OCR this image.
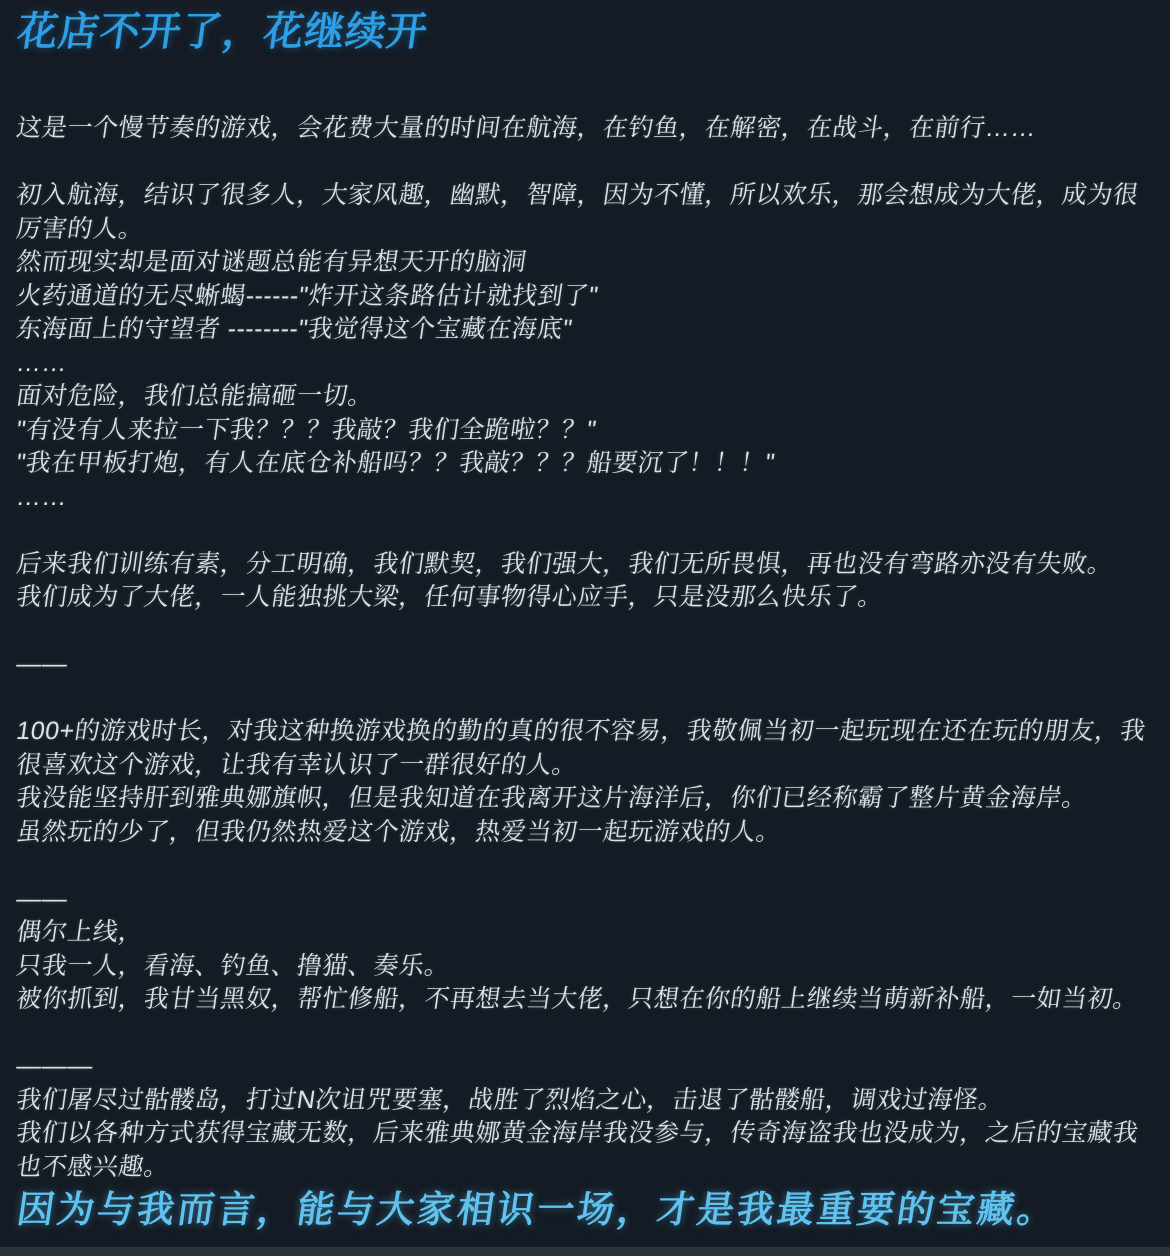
花店不开了，花继续开
这是一个慢节奏的游戏，会花费大量的时间在航海，在钓鱼，在解密，在战斗，在前行……

初入航海，结识了很多人，大家风趣，幽默，智障，因为不懂，所以欢乐，那会想成为大佬，成为很
厉害的人。
然而现实却是面对谜题总能有异想天开的脑洞
火药通道的无尽蜥蝎------"炸开这条路估计就找到了"
东海面上的守望者 --------"我觉得这个宝藏在海底"
……
面对危险，我们总能搞砸一切。
"有没有人来拉一下我？？？我敲？我们全跪啦？？"
"我在甲板打炮，有人在底仓补船吗？？我敲？？？船要沉了！！！"
……

后来我们训练有素，分工明确，我们默契，我们强大，我们无所畏惧，再也没有弯路亦没有失败。
我们成为了大佬，一人能独挑大梁，任何事物得心应手，只是没那么快乐了。

——

100+的游戏时长，对我这种换游戏换的勤的真的很不容易，我敬佩当初一起玩现在还在玩的朋友，我
很喜欢这个游戏，让我有幸认识了一群很好的人。
我没能坚持肝到雅典娜旗帜，但是我知道在我离开这片海洋后，你们已经称霸了整片黄金海岸。
虽然玩的少了，但我仍然热爱这个游戏，热爱当初一起玩游戏的人。

——
偶尔上线，
只我一人，看海、钓鱼、撸猫、奏乐。
被你抓到，我甘当黑奴，帮忙修船，不再想去当大佬，只想在你的船上继续当萌新补船，一如当初。

———
我们屠尽过骷髅岛，打过N次诅咒要塞，战胜了烈焰之心，击退了骷髅船，调戏过海怪。
我们以各种方式获得宝藏无数，后来雅典娜黄金海岸我没参与，传奇海盗我也没成为，之后的宝藏我
也不感兴趣。
因为与我而言，能与大家相识一场，才是我最重要的宝藏。
